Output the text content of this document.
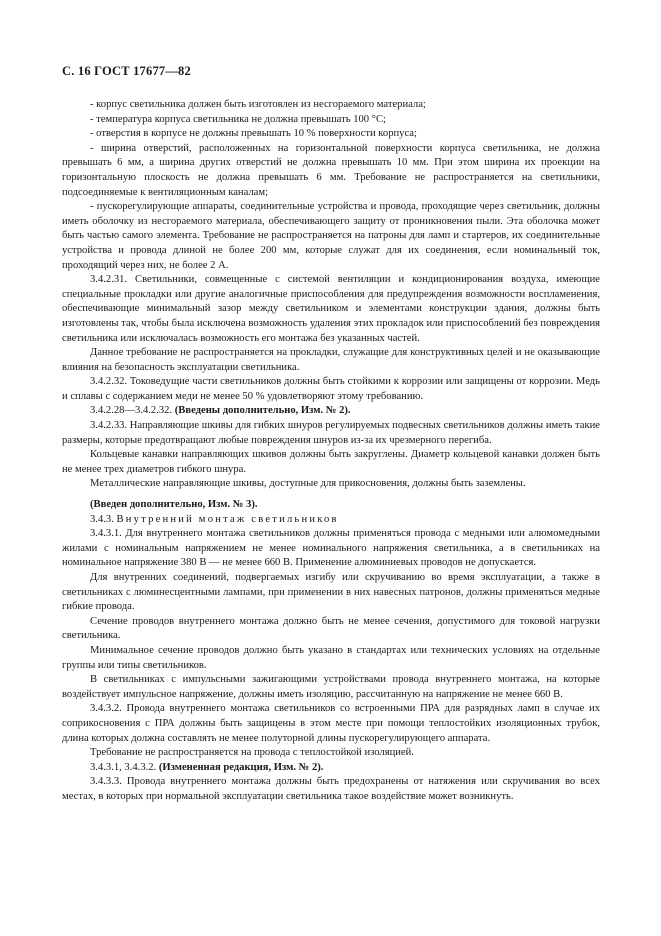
С. 16 ГОСТ 17677—82

- корпус светильника должен быть изготовлен из несгораемого материала;

- температура корпуса светильника не должна превышать 100 °С;

- отверстия в корпусе не должны превышать 10 % поверхности корпуса;

- ширина отверстий, расположенных на горизонтальной поверхности корпуса светильника, не должна превышать 6 мм, а ширина других отверстий не должна превышать 10 мм. При этом ширина их проекции на горизонтальную плоскость не должна превышать 6 мм. Требование не распространяется на светильники, подсоединяемые к вентиляционным каналам;

- пускорегулирующие аппараты, соединительные устройства и провода, проходящие через светильник, должны иметь оболочку из несгораемого материала, обеспечивающего защиту от проникновения пыли. Эта оболочка может быть частью самого элемента. Требование не распространяется на патроны для ламп и стартеров, их соединительные устройства и провода длиной не более 200 мм, которые служат для их соединения, если номинальный ток, проходящий через них, не более 2 А.

3.4.2.31. Светильники, совмещенные с системой вентиляции и кондиционирования воздуха, имеющие специальные прокладки или другие аналогичные приспособления для предупреждения возможности воспламенения, обеспечивающие минимальный зазор между светильником и элементами конструкции здания, должны быть изготовлены так, чтобы была исключена возможность удаления этих прокладок или приспособлений без повреждения светильника или исключалась возможность его монтажа без указанных частей.

Данное требование не распространяется на прокладки, служащие для конструктивных целей и не оказывающие влияния на безопасность эксплуатации светильника.

3.4.2.32. Токоведущие части светильников должны быть стойкими к коррозии или защищены от коррозии. Медь и сплавы с содержанием меди не менее 50 % удовлетворяют этому требованию.

3.4.2.28—3.4.2.32. (Введены дополнительно, Изм. № 2).

3.4.2.33. Направляющие шкивы для гибких шнуров регулируемых подвесных светильников должны иметь такие размеры, которые предотвращают любые повреждения шнуров из-за их чрезмерного перегиба.

Кольцевые канавки направляющих шкивов должны быть закруглены. Диаметр кольцевой канавки должен быть не менее трех диаметров гибкого шнура.

Металлические направляющие шкивы, доступные для прикосновения, должны быть заземлены.

(Введен дополнительно, Изм. № 3).

3.4.3. Внутренний монтаж светильников

3.4.3.1. Для внутреннего монтажа светильников должны применяться провода с медными или алюмомедными жилами с номинальным напряжением не менее номинального напряжения светильника, а в светильниках на номинальное напряжение 380 В — не менее 660 В. Применение алюминиевых проводов не допускается.

Для внутренних соединений, подвергаемых изгибу или скручиванию во время эксплуатации, а также в светильниках с люминесцентными лампами, при применении в них навесных патронов, должны применяться медные гибкие провода.

Сечение проводов внутреннего монтажа должно быть не менее сечения, допустимого для токовой нагрузки светильника.

Минимальное сечение проводов должно быть указано в стандартах или технических условиях на отдельные группы или типы светильников.

В светильниках с импульсными зажигающими устройствами провода внутреннего монтажа, на которые воздействует импульсное напряжение, должны иметь изоляцию, рассчитанную на напряжение не менее 660 В.

3.4.3.2. Провода внутреннего монтажа светильников со встроенными ПРА для разрядных ламп в случае их соприкосновения с ПРА должны быть защищены в этом месте при помощи теплостойких изоляционных трубок, длина которых должна составлять не менее полуторной длины пускорегулирующего аппарата.

Требование не распространяется на провода с теплостойкой изоляцией.

3.4.3.1, 3.4.3.2. (Измененная редакция, Изм. № 2).

3.4.3.3. Провода внутреннего монтажа должны быть предохранены от натяжения или скручивания во всех местах, в которых при нормальной эксплуатации светильника такое воздействие может возникнуть.
